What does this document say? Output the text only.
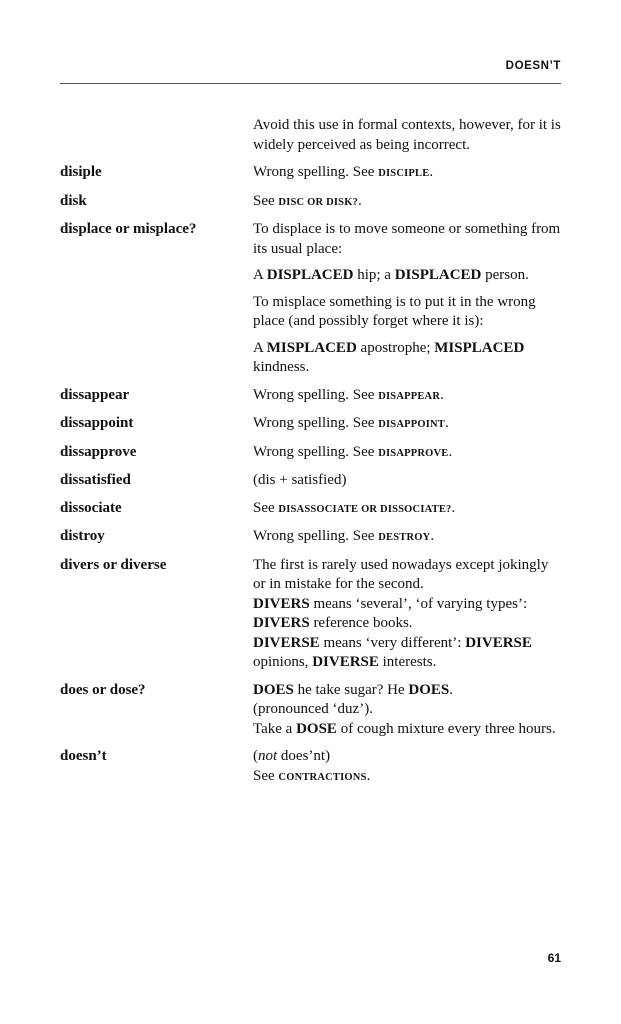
DOESN’T

Avoid this use in formal contexts, however, for it is widely perceived as being incorrect.

disiple	Wrong spelling. See DISCIPLE.

disk	See DISC OR DISK?.

displace or misplace?	To displace is to move someone or something from its usual place:

A DISPLACED hip; a DISPLACED person.

To misplace something is to put it in the wrong place (and possibly forget where it is):

A MISPLACED apostrophe; MISPLACED kindness.

dissappear	Wrong spelling. See DISAPPEAR.

dissappoint	Wrong spelling. See DISAPPOINT.

dissapprove	Wrong spelling. See DISAPPROVE.

dissatisfied	(dis + satisfied)

dissociate	See DISASSOCIATE OR DISSOCIATE?.

distroy	Wrong spelling. See DESTROY.

divers or diverse	The first is rarely used nowadays except jokingly or in mistake for the second.

DIVERS means ‘several’, ‘of varying types’: DIVERS reference books.

DIVERSE means ‘very different’: DIVERSE opinions, DIVERSE interests.

does or dose?	DOES he take sugar? He DOES.

(pronounced ‘duz’).

Take a DOSE of cough mixture every three hours.

doesn’t	(not does’nt)

See CONTRACTIONS.

61
